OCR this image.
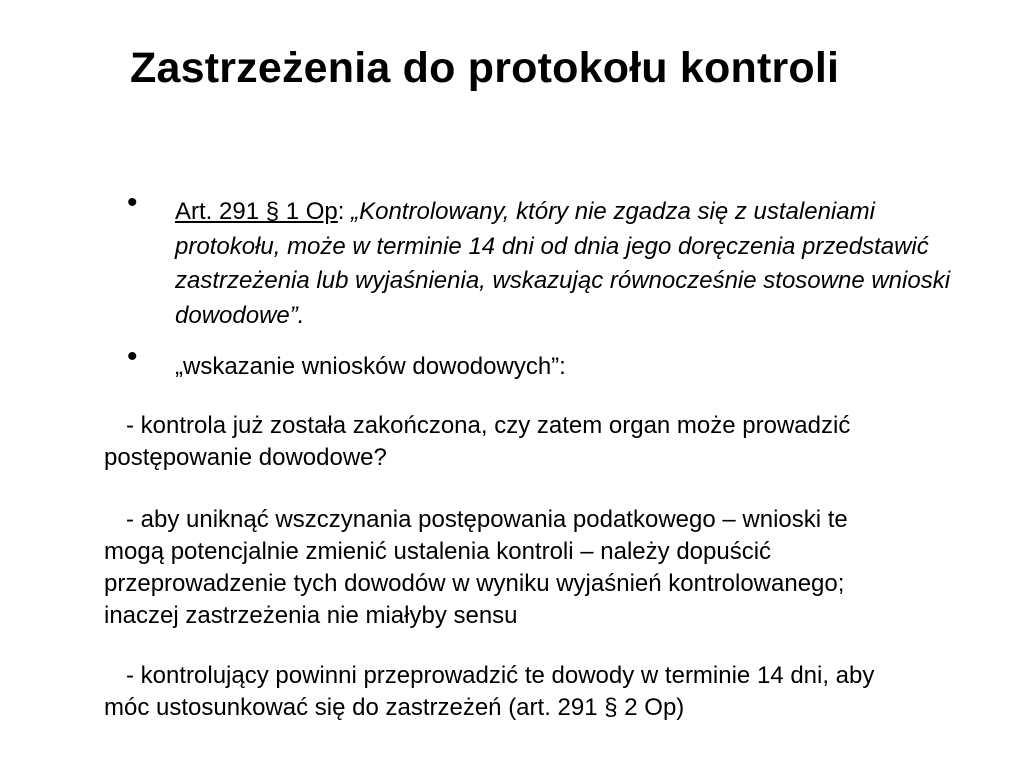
Zastrzeżenia do protokołu kontroli
• Art. 291 § 1 Op: „Kontrolowany, który nie zgadza się z ustaleniami protokołu, może w terminie 14 dni od dnia jego doręczenia przedstawić zastrzeżenia lub wyjaśnienia, wskazując równocześnie stosowne wnioski dowodowe”.
• „wskazanie wniosków dowodowych”:
- kontrola już została zakończona, czy zatem organ może prowadzić postępowanie dowodowe?
- aby uniknąć wszczynania postępowania podatkowego – wnioski te mogą potencjalnie zmienić ustalenia kontroli – należy dopuścić przeprowadzenie tych dowodów w wyniku wyjaśnień kontrolowanego; inaczej zastrzeżenia nie miałyby sensu
- kontrolujący powinni przeprowadzić te dowody w terminie 14 dni, aby móc ustosunkować się do zastrzeżeń (art. 291 § 2 Op)
